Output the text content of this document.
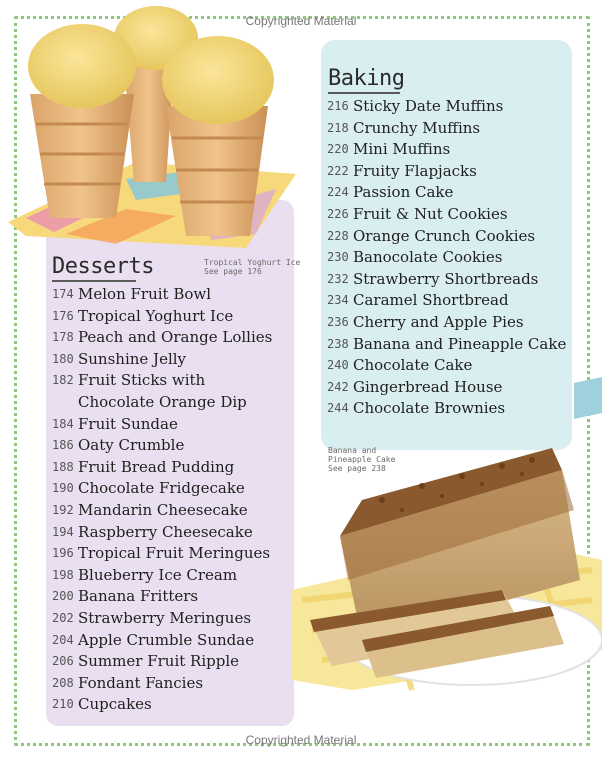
Copyrighted Material
Desserts	Tropical Yoghurt Ice
See page 176
174 Melon Fruit Bowl
176 Tropical Yoghurt Ice
178 Peach and Orange Lollies
180 Sunshine Jelly
182 Fruit Sticks with Chocolate Orange Dip
184 Fruit Sundae
186 Oaty Crumble
188 Fruit Bread Pudding
190 Chocolate Fridgecake
192 Mandarin Cheesecake
194 Raspberry Cheesecake
196 Tropical Fruit Meringues
198 Blueberry Ice Cream
200 Banana Fritters
202 Strawberry Meringues
204 Apple Crumble Sundae
206 Summer Fruit Ripple
208 Fondant Fancies
210 Cupcakes
Baking
216 Sticky Date Muffins
218 Crunchy Muffins
220 Mini Muffins
222 Fruity Flapjacks
224 Passion Cake
226 Fruit & Nut Cookies
228 Orange Crunch Cookies
230 Banocolate Cookies
232 Strawberry Shortbreads
234 Caramel Shortbread
236 Cherry and Apple Pies
238 Banana and Pineapple Cake
240 Chocolate Cake
242 Gingerbread House
244 Chocolate Brownies
Banana and
Pineapple Cake
See page 238
Copyrighted Material
